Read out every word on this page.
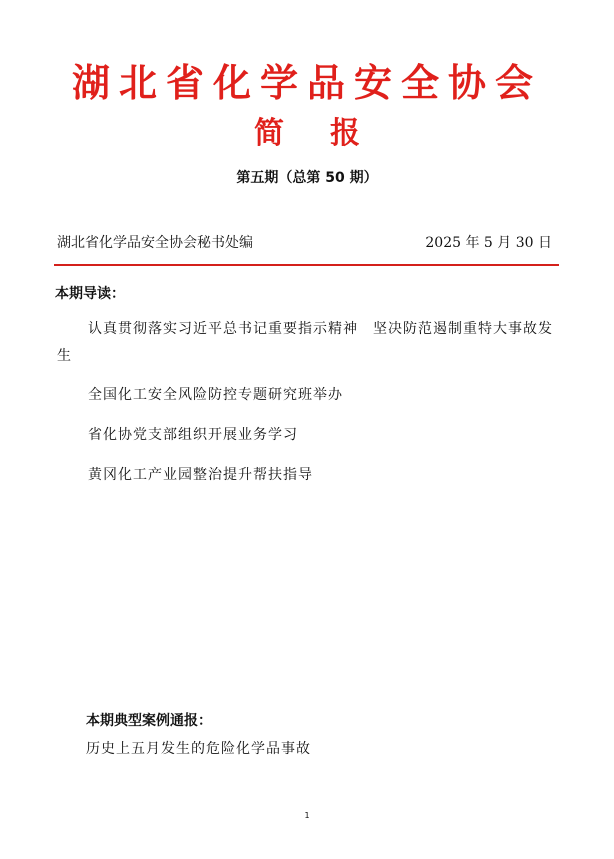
湖北省化学品安全协会
简报
第五期（总第 50 期）
湖北省化学品安全协会秘书处编	2025 年 5 月 30 日
本期导读：
认真贯彻落实习近平总书记重要指示精神　坚决防范遏制重特大事故发生
全国化工安全风险防控专题研究班举办
省化协党支部组织开展业务学习
黄冈化工产业园整治提升帮扶指导
本期典型案例通报：
历史上五月发生的危险化学品事故
1
